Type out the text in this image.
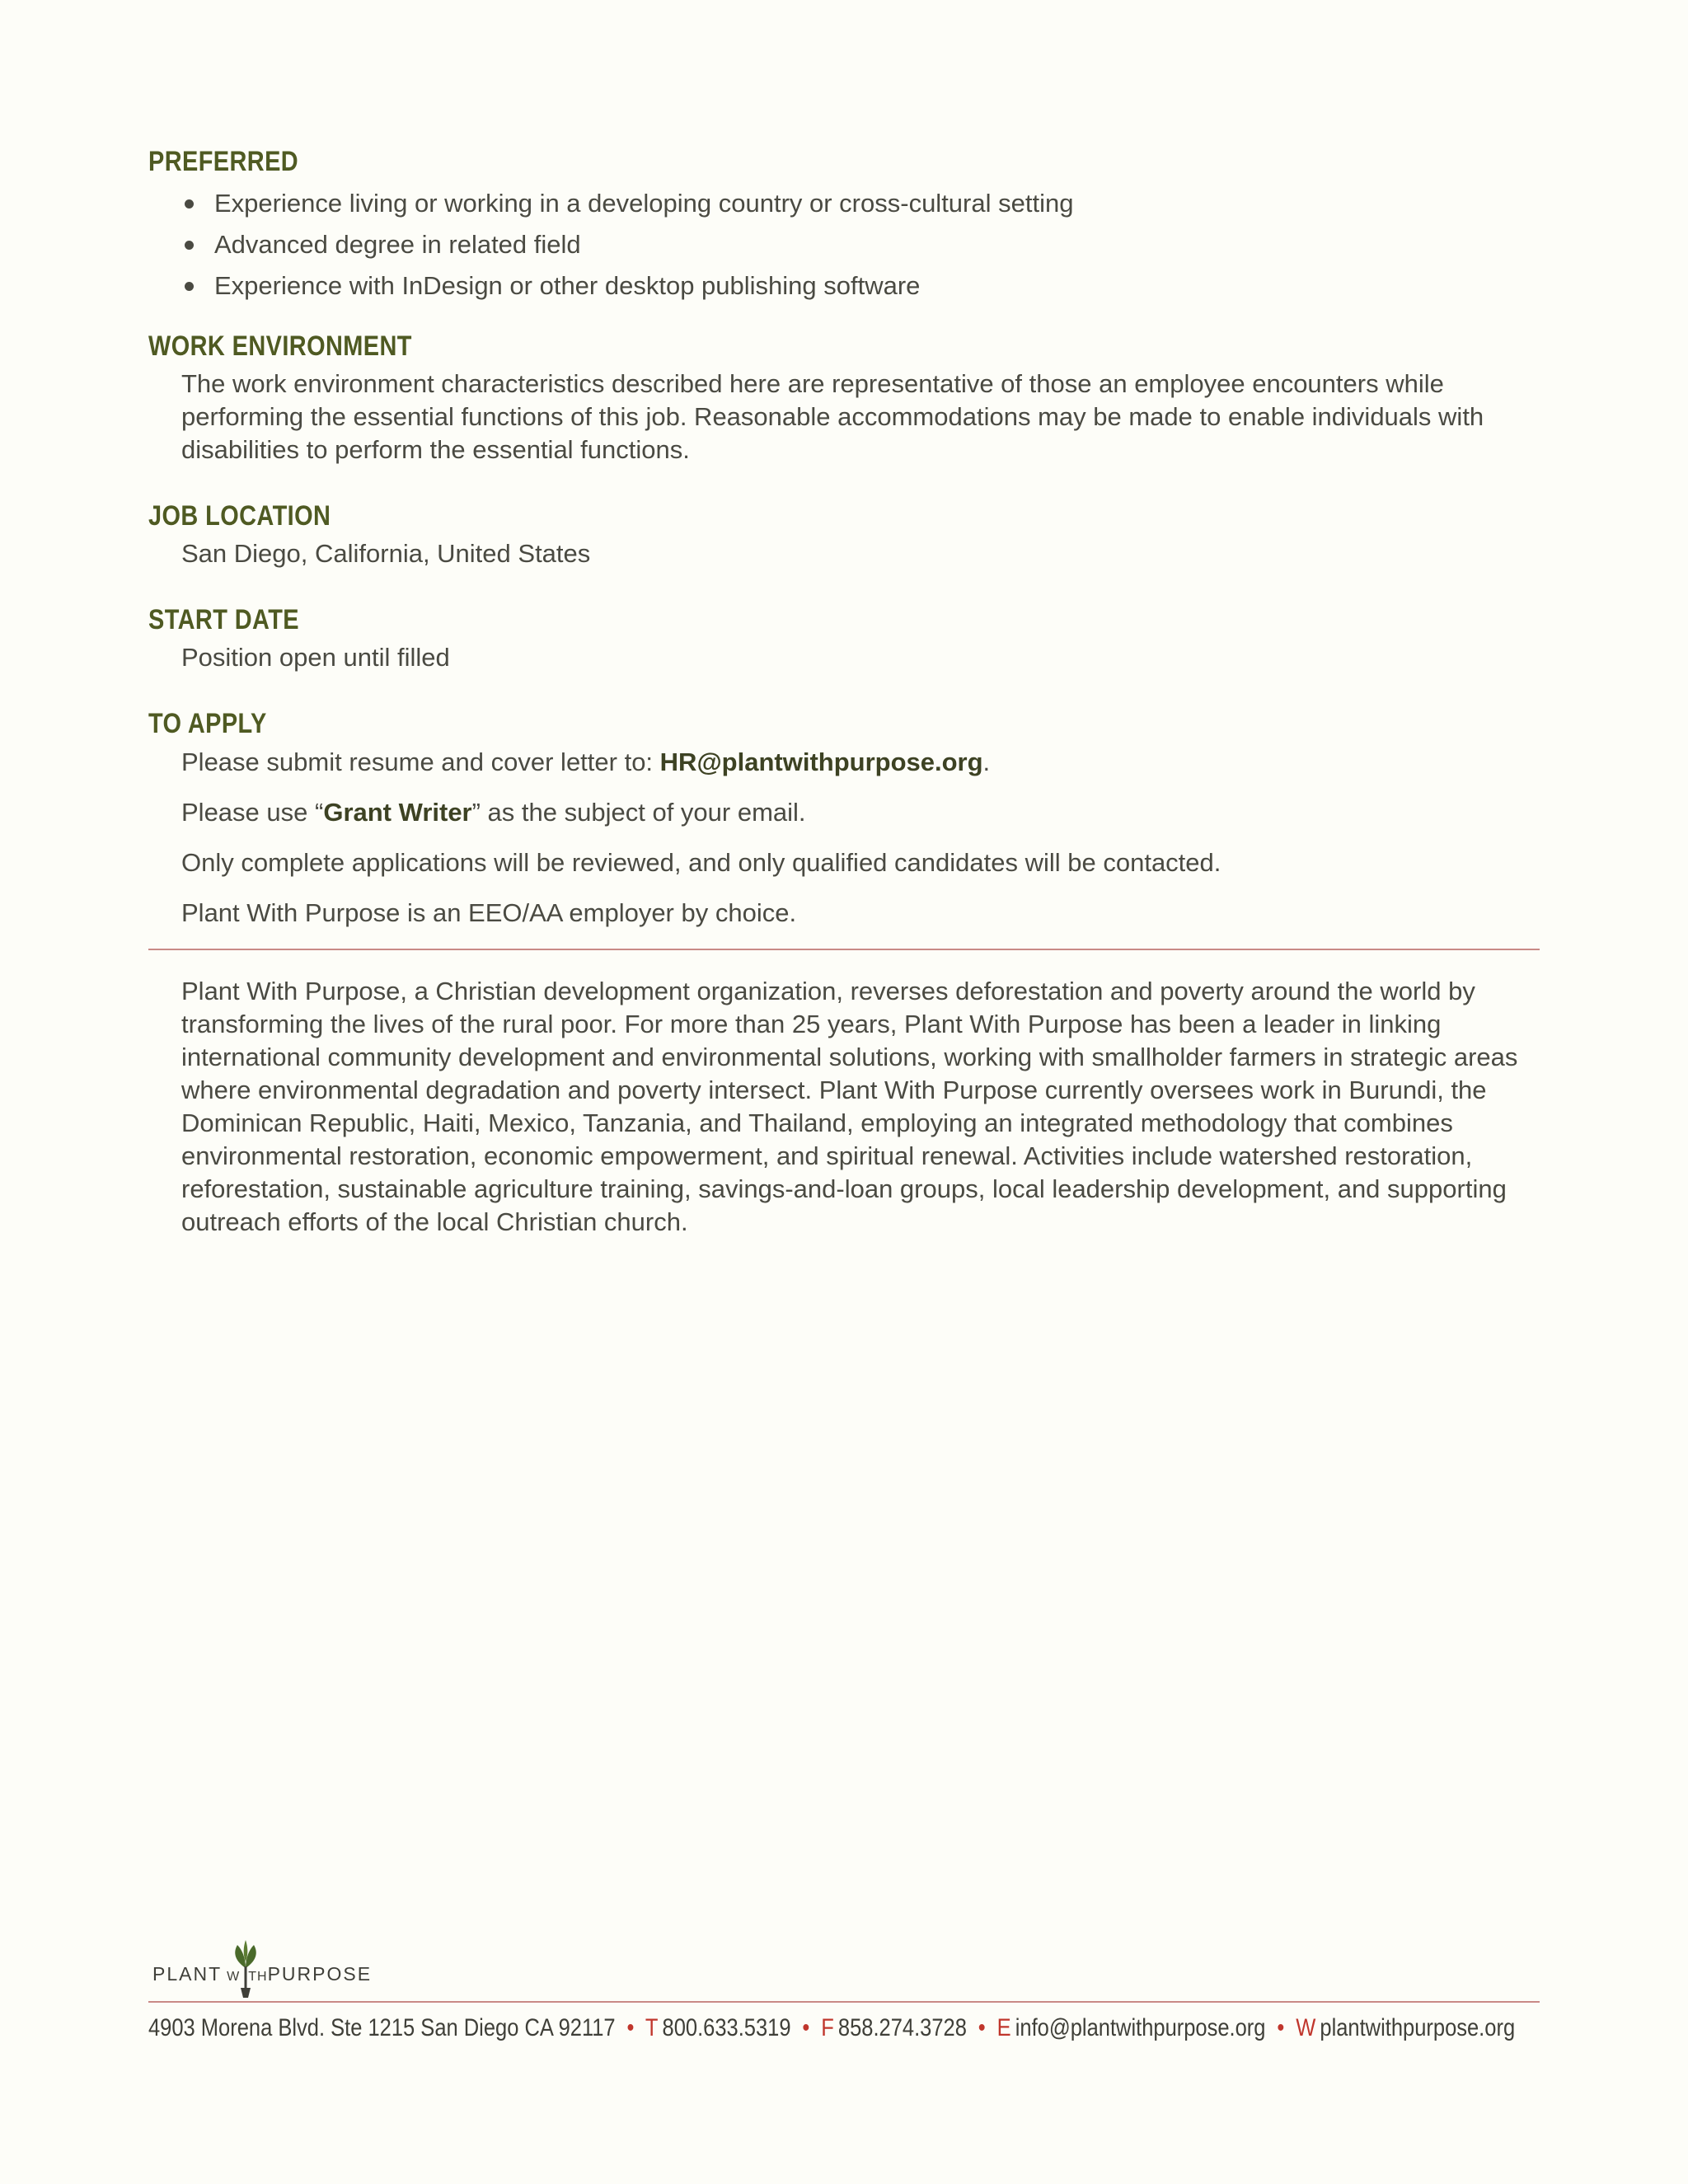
PREFERRED
Experience living or working in a developing country or cross-cultural setting
Advanced degree in related field
Experience with InDesign or other desktop publishing software
WORK ENVIRONMENT

The work environment characteristics described here are representative of those an employee encounters while performing the essential functions of this job. Reasonable accommodations may be made to enable individuals with disabilities to perform the essential functions.

JOB LOCATION

San Diego, California, United States

START DATE

Position open until filled

TO APPLY

Please submit resume and cover letter to: HR@plantwithpurpose.org.

Please use “Grant Writer” as the subject of your email.

Only complete applications will be reviewed, and only qualified candidates will be contacted.

Plant With Purpose is an EEO/AA employer by choice.

Plant With Purpose, a Christian development organization, reverses deforestation and poverty around the world by transforming the lives of the rural poor. For more than 25 years, Plant With Purpose has been a leader in linking international community development and environmental solutions, working with smallholder farmers in strategic areas where environmental degradation and poverty intersect. Plant With Purpose currently oversees work in Burundi, the Dominican Republic, Haiti, Mexico, Tanzania, and Thailand, employing an integrated methodology that combines environmental restoration, economic empowerment, and spiritual renewal. Activities include watershed restoration, reforestation, sustainable agriculture training, savings-and-loan groups, local leadership development, and supporting outreach efforts of the local Christian church.

PLANT W THPURPOSE
4903 Morena Blvd. Ste 1215 San Diego CA 92117 • T 800.633.5319 • F 858.274.3728 • E info@plantwithpurpose.org • W plantwithpurpose.org
